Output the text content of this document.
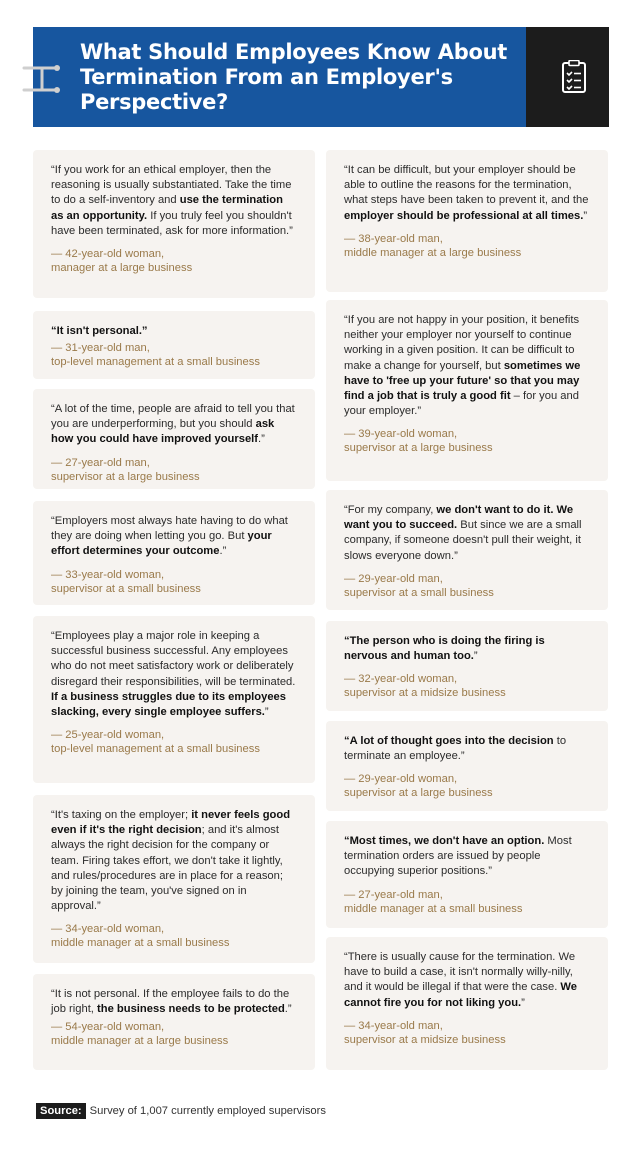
What Should Employees Know About Termination From an Employer's Perspective?
“If you work for an ethical employer, then the reasoning is usually substantiated. Take the time to do a self-inventory and use the termination as an opportunity. If you truly feel you shouldn't have been terminated, ask for more information.”
— 42-year-old woman,
manager at a large business
“It isn't personal.”
— 31-year-old man,
top-level management at a small business
“A lot of the time, people are afraid to tell you that you are underperforming, but you should ask how you could have improved yourself.”
— 27-year-old man,
supervisor at a large business
“Employers most always hate having to do what they are doing when letting you go. But your effort determines your outcome.”
— 33-year-old woman,
supervisor at a small business
“Employees play a major role in keeping a successful business successful. Any employees who do not meet satisfactory work or deliberately disregard their responsibilities, will be terminated. If a business struggles due to its employees slacking, every single employee suffers.”
— 25-year-old woman,
top-level management at a small business
“It's taxing on the employer; it never feels good even if it's the right decision; and it's almost always the right decision for the company or team. Firing takes effort, we don't take it lightly, and rules/procedures are in place for a reason; by joining the team, you've signed on in approval.”
— 34-year-old woman,
middle manager at a small business
“It is not personal. If the employee fails to do the job right, the business needs to be protected.”
— 54-year-old woman,
middle manager at a large business
“It can be difficult, but your employer should be able to outline the reasons for the termination, what steps have been taken to prevent it, and the employer should be professional at all times.”
— 38-year-old man,
middle manager at a large business
“If you are not happy in your position, it benefits neither your employer nor yourself to continue working in a given position. It can be difficult to make a change for yourself, but sometimes we have to 'free up your future' so that you may find a job that is truly a good fit – for you and your employer.”
— 39-year-old woman,
supervisor at a large business
“For my company, we don't want to do it. We want you to succeed. But since we are a small company, if someone doesn't pull their weight, it slows everyone down.”
— 29-year-old man,
supervisor at a small business
“The person who is doing the firing is nervous and human too.”
— 32-year-old woman,
supervisor at a midsize business
“A lot of thought goes into the decision to terminate an employee.”
— 29-year-old woman,
supervisor at a large business
“Most times, we don't have an option. Most termination orders are issued by people occupying superior positions.”
— 27-year-old man,
middle manager at a small business
“There is usually cause for the termination. We have to build a case, it isn't normally willy-nilly, and it would be illegal if that were the case. We cannot fire you for not liking you.”
— 34-year-old man,
supervisor at a midsize business
Source: Survey of 1,007 currently employed supervisors
